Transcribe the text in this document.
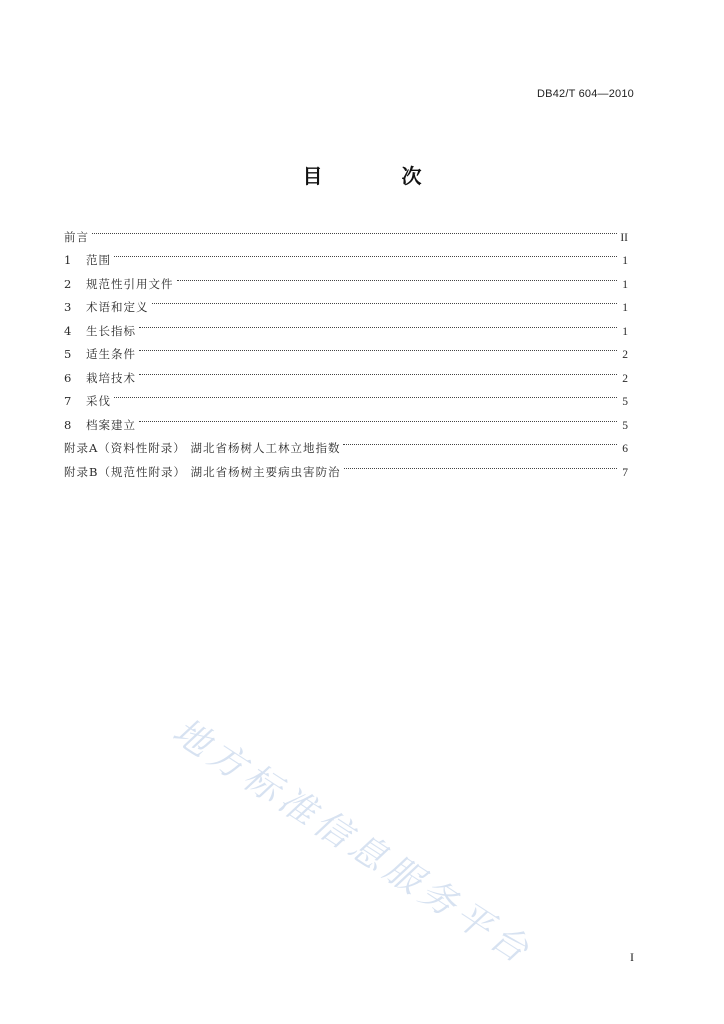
DB42/T 604—2010
目 次
前言	II
1	范围	1
2	规范性引用文件	1
3	术语和定义	1
4	生长指标	1
5	适生条件	2
6	栽培技术	2
7	采伐	5
8	档案建立	5
附录A（资料性附录） 湖北省杨树人工林立地指数	6
附录B（规范性附录） 湖北省杨树主要病虫害防治	7
地方标准信息服务平台	I
